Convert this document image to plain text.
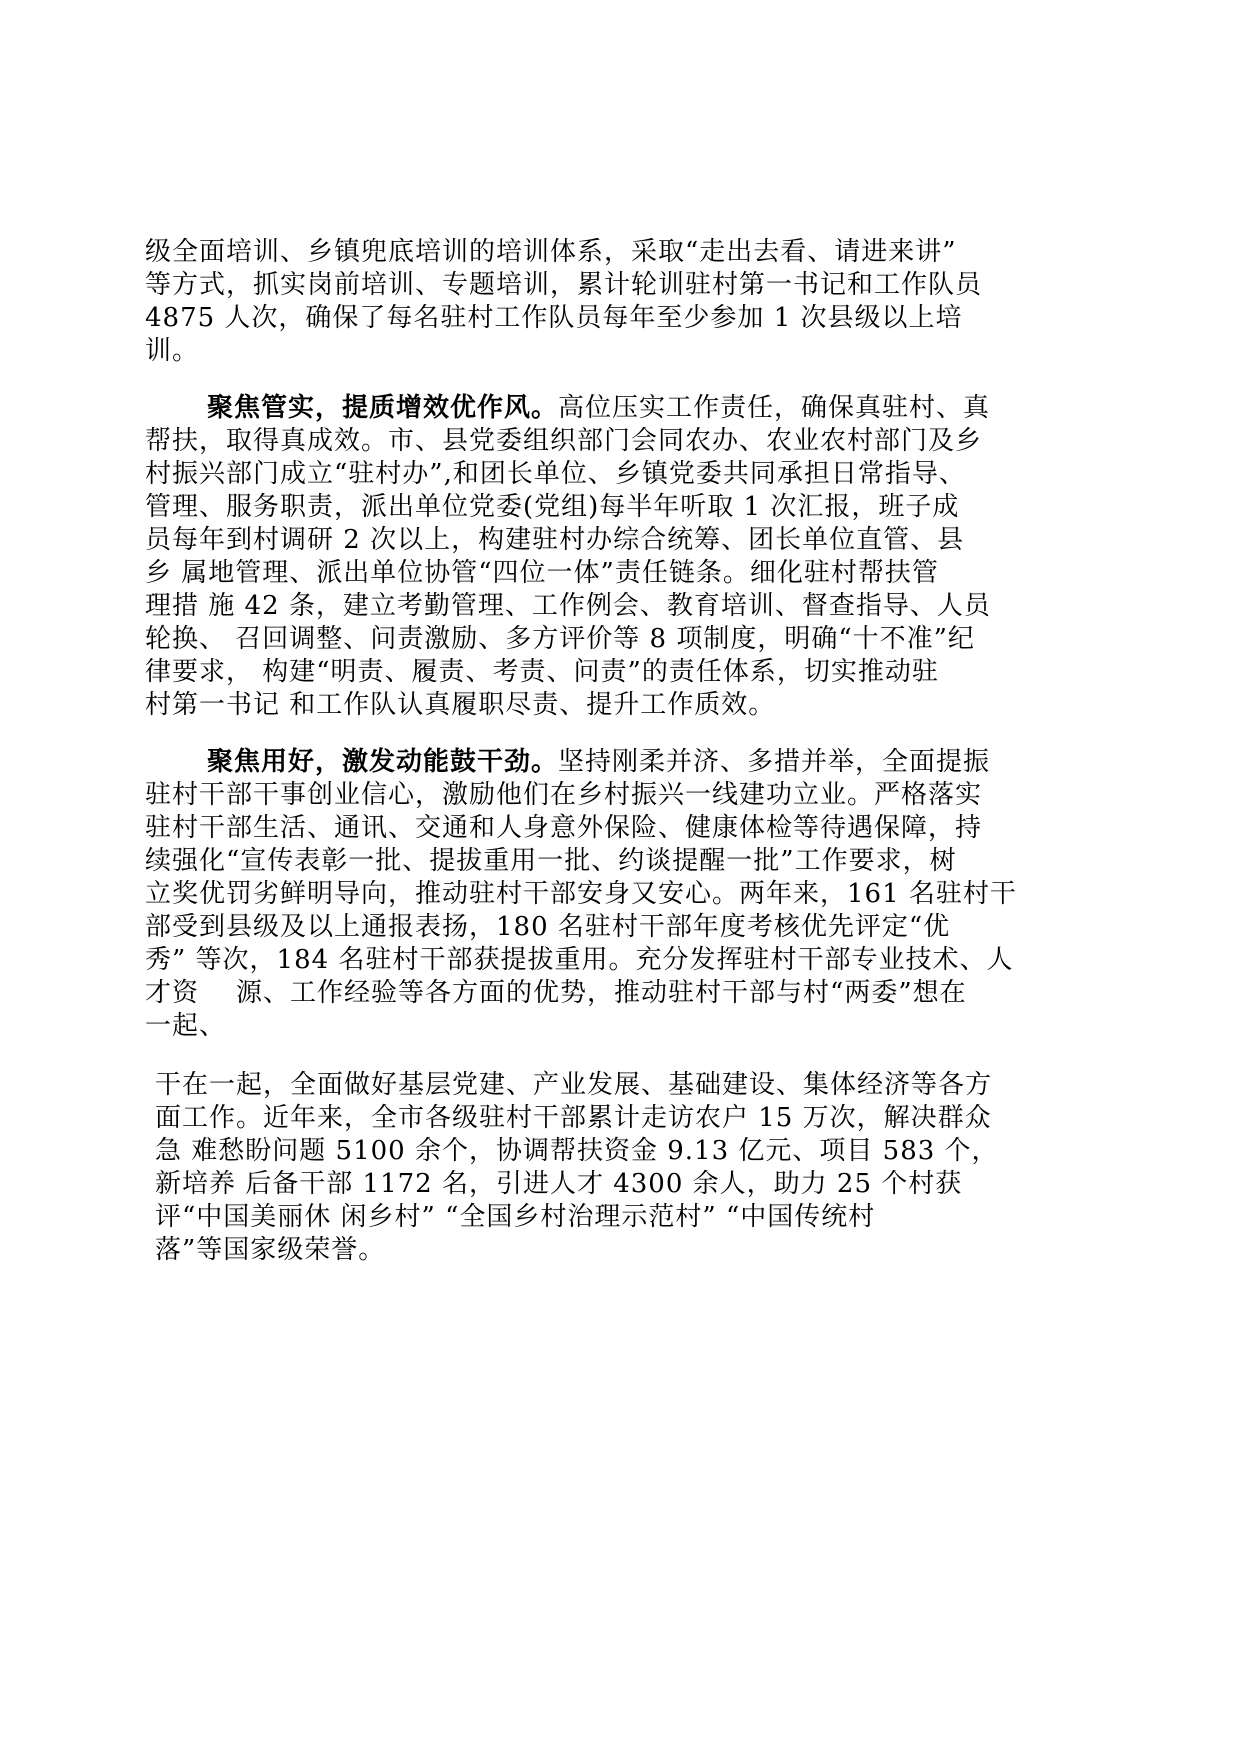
级全面培训、乡镇兜底培训的培训体系，采取“走出去看、请进来讲”
等方式，抓实岗前培训、专题培训，累计轮训驻村第一书记和工作队员
4875 人次，确保了每名驻村工作队员每年至少参加 1 次县级以上培
训。
聚焦管实，提质增效优作风。高位压实工作责任，确保真驻村、真
帮扶，取得真成效。市、县党委组织部门会同农办、农业农村部门及乡
村振兴部门成立“驻村办”,和团长单位、乡镇党委共同承担日常指导、
管理、服务职责，派出单位党委(党组)每半年听取 1 次汇报，班子成
员每年到村调研 2 次以上，构建驻村办综合统筹、团长单位直管、县
乡 属地管理、派出单位协管“四位一体”责任链条。细化驻村帮扶管
理措 施 42 条，建立考勤管理、工作例会、教育培训、督查指导、人员
轮换、 召回调整、问责激励、多方评价等 8 项制度，明确“十不准”纪
律要求， 构建“明责、履责、考责、问责”的责任体系，切实推动驻
村第一书记 和工作队认真履职尽责、提升工作质效。
聚焦用好，激发动能鼓干劲。坚持刚柔并济、多措并举，全面提振
驻村干部干事创业信心，激励他们在乡村振兴一线建功立业。严格落实
驻村干部生活、通讯、交通和人身意外保险、健康体检等待遇保障，持
续强化“宣传表彰一批、提拔重用一批、约谈提醒一批”工作要求，树
立奖优罚劣鲜明导向，推动驻村干部安身又安心。两年来，161 名驻村干
部受到县级及以上通报表扬，180 名驻村干部年度考核优先评定“优
秀” 等次，184 名驻村干部获提拔重用。充分发挥驻村干部专业技术、人
才资    源、工作经验等各方面的优势，推动驻村干部与村“两委”想在
一起、
干在一起，全面做好基层党建、产业发展、基础建设、集体经济等各方
面工作。近年来，全市各级驻村干部累计走访农户 15 万次，解决群众
急 难愁盼问题 5100 余个，协调帮扶资金 9.13 亿元、项目 583 个，
新培养 后备干部 1172 名，引进人才 4300 余人，助力 25 个村获
评“中国美丽休 闲乡村” “全国乡村治理示范村” “中国传统村
落”等国家级荣誉。
